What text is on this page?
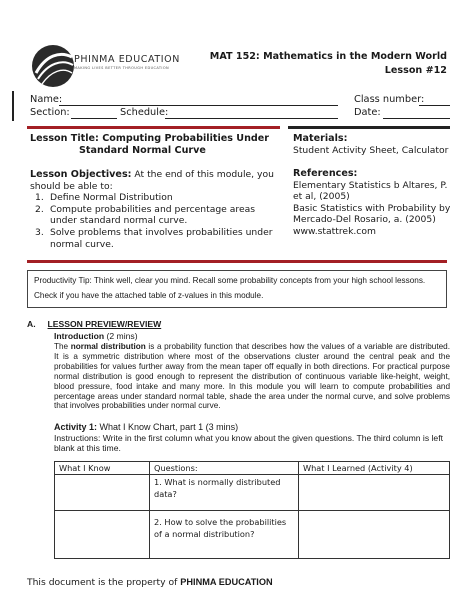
PHINMA EDUCATION
MAKING LIVES BETTER THROUGH EDUCATION
MAT 152: Mathematics in the Modern World
Lesson #12
Name:	Class number:
Section:	Schedule:	Date:
Lesson Title: Computing Probabilities Under
Standard Normal Curve
Lesson Objectives: At the end of this module, you should be able to:
1. Define Normal Distribution
2. Compute probabilities and percentage areas under standard normal curve.
3. Solve problems that involves probabilities under normal curve.
Materials:
Student Activity Sheet, Calculator
References:
Elementary Statistics b Altares, P. et al, (2005)
Basic Statistics with Probability by Mercado-Del Rosario, a. (2005)
www.stattrek.com
Productivity Tip: Think well, clear you mind. Recall some probability concepts from your high school lessons. Check if you have the attached table of z-values in this module.
A. LESSON PREVIEW/REVIEW
Introduction (2 mins)
The normal distribution is a probability function that describes how the values of a variable are distributed. It is a symmetric distribution where most of the observations cluster around the central peak and the probabilities for values further away from the mean taper off equally in both directions. For practical purpose normal distribution is good enough to represent the distribution of continuous variable like-height, weight, blood pressure, food intake and many more. In this module you will learn to compute probabilities and percentage areas under standard normal table, shade the area under the normal curve, and solve problems that involves probabilities under normal curve.
Activity 1: What I Know Chart, part 1 (3 mins)
Instructions: Write in the first column what you know about the given questions. The third column is left blank at this time.
What I Know	Questions:	What I Learned (Activity 4)
	1. What is normally distributed data?	
	2. How to solve the probabilities of a normal distribution?	
This document is the property of PHINMA EDUCATION
